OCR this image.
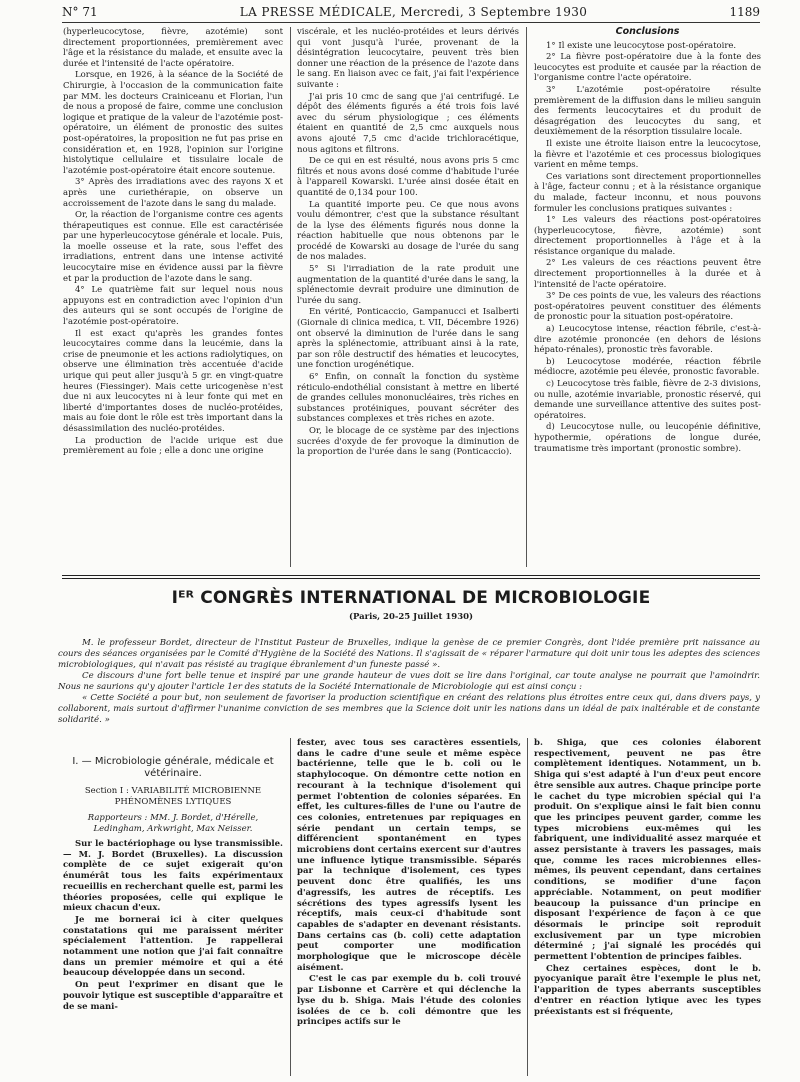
N° 71	LA PRESSE MÉDICALE, Mercredi, 3 Septembre 1930	1189

(hyperleucocytose, fièvre, azotémie) sont directement proportionnées, premièrement avec l'âge et la résistance du malade, et ensuite avec la durée et l'intensité de l'acte opératoire.

Lorsque, en 1926, à la séance de la Société de Chirurgie, à l'occasion de la communication faite par MM. les docteurs Crainiceanu et Florian, l'un de nous a proposé de faire, comme une conclusion logique et pratique de la valeur de l'azotémie post-opératoire, un élément de pronostic des suites post-opératoires, la proposition ne fut pas prise en considération et, en 1928, l'opinion sur l'origine histolytique cellulaire et tissulaire locale de l'azotémie post-opératoire était encore soutenue.

3° Après des irradiations avec des rayons X et après une curiethérapie, on observe un accroissement de l'azote dans le sang du malade.

Or, la réaction de l'organisme contre ces agents thérapeutiques est connue. Elle est caractérisée par une hyperleucocytose générale et locale. Puis, la moelle osseuse et la rate, sous l'effet des irradiations, entrent dans une intense activité leucocytaire mise en évidence aussi par la fièvre et par la production de l'azote dans le sang.

4° Le quatrième fait sur lequel nous nous appuyons est en contradiction avec l'opinion d'un des auteurs qui se sont occupés de l'origine de l'azotémie post-opératoire.

Il est exact qu'après les grandes fontes leucocytaires comme dans la leucémie, dans la crise de pneumonie et les actions radiolytiques, on observe une élimination très accentuée d'acide urique qui peut aller jusqu'à 5 gr. en vingt-quatre heures (Fiessinger). Mais cette uricogenèse n'est due ni aux leucocytes ni à leur fonte qui met en liberté d'importantes doses de nucléo-protéides, mais au foie dont le rôle est très important dans la désassimilation des nucléo-protéides.

La production de l'acide urique est due premièrement au foie ; elle a donc une origine

viscérale, et les nucléo-protéides et leurs dérivés qui vont jusqu'à l'urée, provenant de la désintégration leucocytaire, peuvent très bien donner une réaction de la présence de l'azote dans le sang. En liaison avec ce fait, j'ai fait l'expérience suivante :

J'ai pris 10 cmc de sang que j'ai centrifugé. Le dépôt des éléments figurés a été trois fois lavé avec du sérum physiologique ; ces éléments étaient en quantité de 2,5 cmc auxquels nous avons ajouté 7,5 cmc d'acide trichloracétique, nous agitons et filtrons.

De ce qui en est résulté, nous avons pris 5 cmc filtrés et nous avons dosé comme d'habitude l'urée à l'appareil Kowarski. L'urée ainsi dosée était en quantité de 0,134 pour 100.

La quantité importe peu. Ce que nous avons voulu démontrer, c'est que la substance résultant de la lyse des éléments figurés nous donne la réaction habituelle que nous obtenons par le procédé de Kowarski au dosage de l'urée du sang de nos malades.

5° Si l'irradiation de la rate produit une augmentation de la quantité d'urée dans le sang, la splénectomie devrait produire une diminution de l'urée du sang.

En vérité, Ponticaccio, Gampanucci et Isalberti (Giornale di clinica medica, t. VII, Décembre 1926) ont observé la diminution de l'urée dans le sang après la splénectomie, attribuant ainsi à la rate, par son rôle destructif des hématies et leucocytes, une fonction urogénétique.

6° Enfin, on connaît la fonction du système réticulo-endothélial consistant à mettre en liberté de grandes cellules mononucléaires, très riches en substances protéiniques, pouvant sécréter des substances complexes et très riches en azote.

Or, le blocage de ce système par des injections sucrées d'oxyde de fer provoque la diminution de la proportion de l'urée dans le sang (Ponticaccio).

Conclusions

1° Il existe une leucocytose post-opératoire.

2° La fièvre post-opératoire due à la fonte des leucocytes est produite et causée par la réaction de l'organisme contre l'acte opératoire.

3° L'azotémie post-opératoire résulte premièrement de la diffusion dans le milieu sanguin des ferments leucocytaires et du produit de désagrégation des leucocytes du sang, et deuxièmement de la résorption tissulaire locale.

Il existe une étroite liaison entre la leucocytose, la fièvre et l'azotémie et ces processus biologiques varient en même temps.

Ces variations sont directement proportionnelles à l'âge, facteur connu ; et à la résistance organique du malade, facteur inconnu, et nous pouvons formuler les conclusions pratiques suivantes :

1° Les valeurs des réactions post-opératoires (hyperleucocytose, fièvre, azotémie) sont directement proportionnelles à l'âge et à la résistance organique du malade.

2° Les valeurs de ces réactions peuvent être directement proportionnelles à la durée et à l'intensité de l'acte opératoire.

3° De ces points de vue, les valeurs des réactions post-opératoires peuvent constituer des éléments de pronostic pour la situation post-opératoire.

a) Leucocytose intense, réaction fébrile, c'est-à-dire azotémie prononcée (en dehors de lésions hépato-rénales), pronostic très favorable.

b) Leucocytose modérée, réaction fébrile médiocre, azotémie peu élevée, pronostic favorable.

c) Leucocytose très faible, fièvre de 2-3 divisions, ou nulle, azotémie invariable, pronostic réservé, qui demande une surveillance attentive des suites post-opératoires.

d) Leucocytose nulle, ou leucopénie définitive, hypothermie, opérations de longue durée, traumatisme très important (pronostic sombre).

Iᴱᴿ CONGRÈS INTERNATIONAL DE MICROBIOLOGIE
(Paris, 20-25 Juillet 1930)

M. le professeur Bordet, directeur de l'Institut Pasteur de Bruxelles, indique la genèse de ce premier Congrès, dont l'idée première prit naissance au cours des séances organisées par le Comité d'Hygiène de la Société des Nations. Il s'agissait de « réparer l'armature qui doit unir tous les adeptes des sciences microbiologiques, qui n'avait pas résisté au tragique ébranlement d'un funeste passé ».

Ce discours d'une fort belle tenue et inspiré par une grande hauteur de vues doit se lire dans l'original, car toute analyse ne pourrait que l'amoindrir. Nous ne saurions qu'y ajouter l'article 1er des statuts de la Société Internationale de Microbiologie qui est ainsi conçu :

« Cette Société a pour but, non seulement de favoriser la production scientifique en créant des relations plus étroites entre ceux qui, dans divers pays, y collaborent, mais surtout d'affirmer l'unanime conviction de ses membres que la Science doit unir les nations dans un idéal de paix inaltérable et de constante solidarité. »

I. — Microbiologie générale, médicale et vétérinaire.
Section I : VARIABILITÉ MICROBIENNE PHÉNOMÈNES LYTIQUES
Rapporteurs : MM. J. Bordet, d'Hérelle, Ledingham, Arkwright, Max Neisser.

Sur le bactériophage ou lyse transmissible. — M. J. Bordet (Bruxelles). La discussion complète de ce sujet exigerait qu'on énumérât tous les faits expérimentaux recueillis en recherchant quelle est, parmi les théories proposées, celle qui explique le mieux chacun d'eux.

Je me bornerai ici à citer quelques constatations qui me paraissent mériter spécialement l'attention. Je rappellerai notamment une notion que j'ai fait connaître dans un premier mémoire et qui a été beaucoup développée dans un second.

On peut l'exprimer en disant que le pouvoir lytique est susceptible d'apparaître et de se mani-

fester, avec tous ses caractères essentiels, dans le cadre d'une seule et même espèce bactérienne, telle que le b. coli ou le staphylocoque. On démontre cette notion en recourant à la technique d'isolement qui permet l'obtention de colonies séparées. En effet, les cultures-filles de l'une ou l'autre de ces colonies, entretenues par repiquages en série pendant un certain temps, se différencient spontanément en types microbiens dont certains exercent sur d'autres une influence lytique transmissible. Séparés par la technique d'isolement, ces types peuvent donc être qualifiés, les uns d'agressifs, les autres de réceptifs. Les sécrétions des types agressifs lysent les réceptifs, mais ceux-ci d'habitude sont capables de s'adapter en devenant résistants. Dans certains cas (b. coli) cette adaptation peut comporter une modification morphologique que le microscope décèle aisément.

C'est le cas par exemple du b. coli trouvé par Lisbonne et Carrère et qui déclenche la lyse du b. Shiga. Mais l'étude des colonies isolées de ce b. coli démontre que les principes actifs sur le

b. Shiga, que ces colonies élaborent respectivement, peuvent ne pas être complètement identiques. Notamment, un b. Shiga qui s'est adapté à l'un d'eux peut encore être sensible aux autres. Chaque principe porte le cachet du type microbien spécial qui l'a produit. On s'explique ainsi le fait bien connu que les principes peuvent garder, comme les types microbiens eux-mêmes qui les fabriquent, une individualité assez marquée et assez persistante à travers les passages, mais que, comme les races microbiennes elles-mêmes, ils peuvent cependant, dans certaines conditions, se modifier d'une façon appréciable. Notamment, on peut modifier beaucoup la puissance d'un principe en disposant l'expérience de façon à ce que désormais le principe soit reproduit exclusivement par un type microbien déterminé ; j'ai signalé les procédés qui permettent l'obtention de principes faibles.

Chez certaines espèces, dont le b. pyocyanique paraît être l'exemple le plus net, l'apparition de types aberrants susceptibles d'entrer en réaction lytique avec les types préexistants est si fréquente,
